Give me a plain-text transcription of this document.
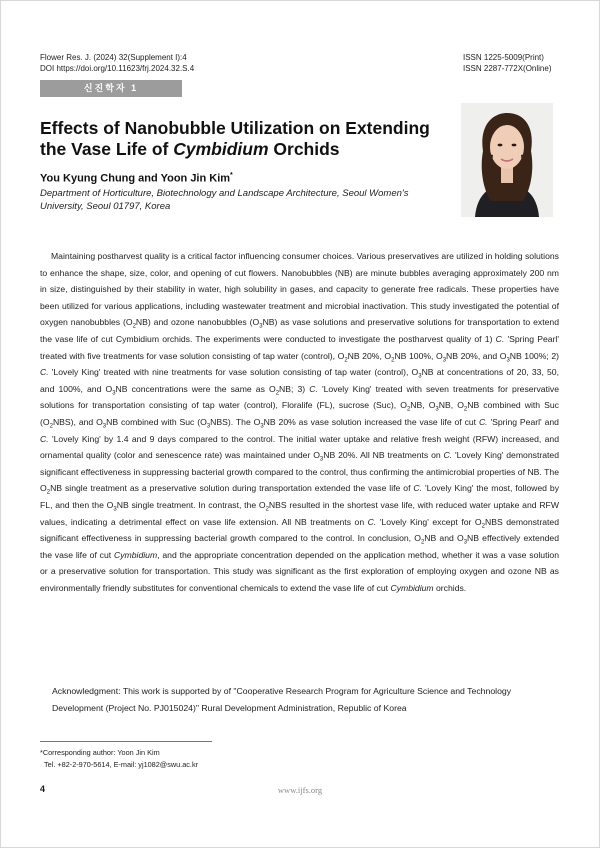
Flower Res. J. (2024) 32(Supplement I):4
DOI https://doi.org/10.11623/frj.2024.32.S.4
ISSN 1225-5009(Print)
ISSN 2287-772X(Online)
신진학자 1
Effects of Nanobubble Utilization on Extending the Vase Life of Cymbidium Orchids
You Kyung Chung and Yoon Jin Kim*
Department of Horticulture, Biotechnology and Landscape Architecture, Seoul Women's University, Seoul 01797, Korea

Maintaining postharvest quality is a critical factor influencing consumer choices. Various preservatives are utilized in holding solutions to enhance the shape, size, color, and opening of cut flowers. Nanobubbles (NB) are minute bubbles averaging approximately 200 nm in size, distinguished by their stability in water, high solubility in gases, and capacity to generate free radicals. These properties have been utilized for various applications, including wastewater treatment and microbial inactivation. This study investigated the potential of oxygen nanobubbles $(O_2NB)$ and ozone nanobubbles $(O_3NB)$ as vase solutions and preservative solutions for transportation to extend the vase life of cut Cymbidium orchids. The experiments were conducted to investigate the postharvest quality of 1) C. 'Spring Pearl' treated with five treatments for vase solution consisting of tap water (control), $O_2NB$ 20%, $O_2NB$ 100%, $O_3NB$ 20%, and $O_3NB$ 100%; 2) C. 'Lovely King' treated with nine treatments for vase solution consisting of tap water (control), $O_3NB$ at concentrations of 20, 33, 50, and 100%, and $O_3NB$ concentrations were the same as $O_2NB$; 3) C. 'Lovely King' treated with seven treatments for preservative solutions for transportation consisting of tap water (control), Floralife (FL), sucrose (Suc), $O_2NB$, $O_3NB$, $O_2NB$ combined with Suc $(O_2NBS)$, and $O_3NB$ combined with Suc $(O_3NBS)$. The $O_3NB$ 20% as vase solution increased the vase life of cut C. 'Spring Pearl' and C. 'Lovely King' by 1.4 and 9 days compared to the control. The initial water uptake and relative fresh weight (RFW) increased, and ornamental quality (color and senescence rate) was maintained under $O_3NB$ 20%. All NB treatments on C. 'Lovely King' demonstrated significant effectiveness in suppressing bacterial growth compared to the control, thus confirming the antimicrobial properties of NB. The $O_2NB$ single treatment as a preservative solution during transportation extended the vase life of C. 'Lovely King' the most, followed by FL, and then the $O_3NB$ single treatment. In contrast, the $O_2NBS$ resulted in the shortest vase life, with reduced water uptake and RFW values, indicating a detrimental effect on vase life extension. All NB treatments on C. 'Lovely King' except for $O_2NBS$ demonstrated significant effectiveness in suppressing bacterial growth compared to the control. In conclusion, $O_2NB$ and $O_3NB$ effectively extended the vase life of cut Cymbidium, and the appropriate concentration depended on the application method, whether it was a vase solution or a preservative solution for transportation. This study was significant as the first exploration of employing oxygen and ozone NB as environmentally friendly substitutes for conventional chemicals to extend the vase life of cut Cymbidium orchids.

Acknowledgment: This work is supported by of "Cooperative Research Program for Agriculture Science and Technology Development (Project No. PJ015024)" Rural Development Administration, Republic of Korea

*Corresponding author: Yoon Jin Kim
Tel. +82-2-970-5614, E-mail: yj1082@swu.ac.kr
4	www.ijfs.org
